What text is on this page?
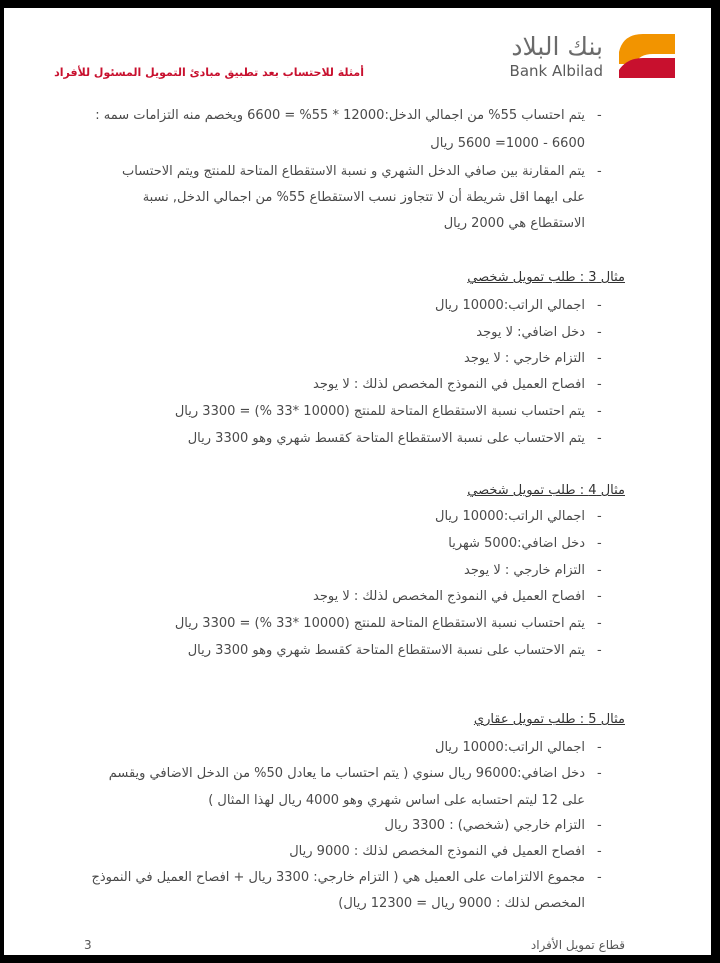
بنك البلاد
Bank Albilad
أمثلة للاحتساب بعد تطبيق مبادئ التمويل المسئول للأفراد
-
يتم احتساب 55% من اجمالي الدخل:12000 * 55% = 6600 ويخصم منه التزامات سمه :
6600 - 1000= 5600 ريال
-
يتم المقارنة بين صافي الدخل الشهري و نسبة الاستقطاع المتاحة للمنتج ويتم الاحتساب
على ايهما اقل شريطة أن لا تتجاوز نسب الاستقطاع 55% من اجمالي الدخل, نسبة
الاستقطاع هي 2000 ريال
مثال 3 : طلب تمويل شخصي
-
اجمالي الراتب:10000 ريال
-
دخل اضافي: لا يوجد
-
التزام خارجي : لا يوجد
-
افصاح العميل في النموذج المخصص لذلك : لا يوجد
-
يتم احتساب نسبة الاستقطاع المتاحة للمنتج (10000 *33 %) = 3300 ريال
-
يتم الاحتساب على نسبة الاستقطاع المتاحة كقسط شهري وهو 3300 ريال
مثال 4 : طلب تمويل شخصي
-
اجمالي الراتب:10000 ريال
-
دخل اضافي:5000 شهريا
-
التزام خارجي : لا يوجد
-
افصاح العميل في النموذج المخصص لذلك : لا يوجد
-
يتم احتساب نسبة الاستقطاع المتاحة للمنتج (10000 *33 %) = 3300 ريال
-
يتم الاحتساب على نسبة الاستقطاع المتاحة كقسط شهري وهو 3300 ريال
مثال 5 : طلب تمويل عقاري
-
اجمالي الراتب:10000 ريال
-
دخل اضافي:96000 ريال سنوي ( يتم احتساب ما يعادل 50% من الدخل الاضافي ويقسم
على 12 ليتم احتسابه على اساس شهري وهو 4000 ريال لهذا المثال )
-
التزام خارجي (شخصي) : 3300 ريال
-
افصاح العميل في النموذج المخصص لذلك : 9000 ريال
-
مجموع الالتزامات على العميل هي ( التزام خارجي: 3300 ريال + افصاح العميل في النموذج
المخصص لذلك : 9000 ريال = 12300 ريال)
قطاع تمويل الأفراد
3
